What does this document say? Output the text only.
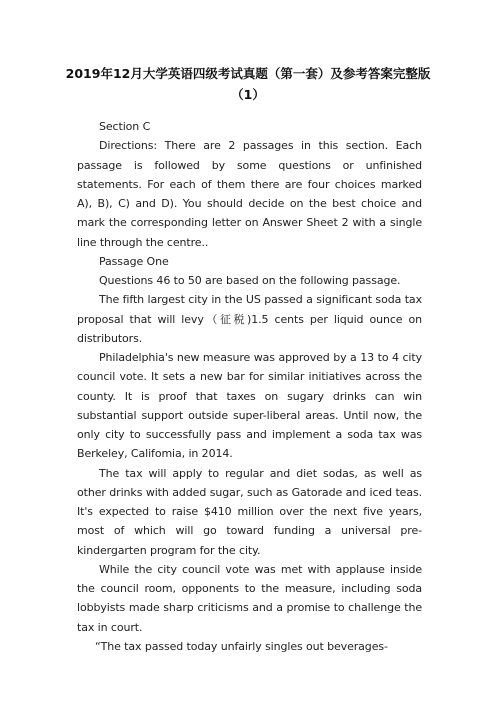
2019年12月大学英语四级考试真题（第一套）及参考答案完整版（1）

Section C

Directions: There are 2 passages in this section. Each passage is followed by some questions or unfinished statements. For each of them there are four choices marked A), B), C) and D). You should decide on the best choice and mark the corresponding letter on Answer Sheet 2 with a single line through the centre..

Passage One

Questions 46 to 50 are based on the following passage.

The fifth largest city in the US passed a significant soda tax proposal that will levy（征税)1.5 cents per liquid ounce on distributors.

Philadelphia's new measure was approved by a 13 to 4 city council vote. It sets a new bar for similar initiatives across the county. It is proof that taxes on sugary drinks can win substantial support outside super-liberal areas. Until now, the only city to successfully pass and implement a soda tax was Berkeley, Califomia, in 2014.

The tax will apply to regular and diet sodas, as well as other drinks with added sugar, such as Gatorade and iced teas. It's expected to raise $410 million over the next five years, most of which will go toward funding a universal pre-kindergarten program for the city.

While the city council vote was met with applause inside the council room, opponents to the measure, including soda lobbyists made sharp criticisms and a promise to challenge the tax in court.

“The tax passed today unfairly singles out beverages-
